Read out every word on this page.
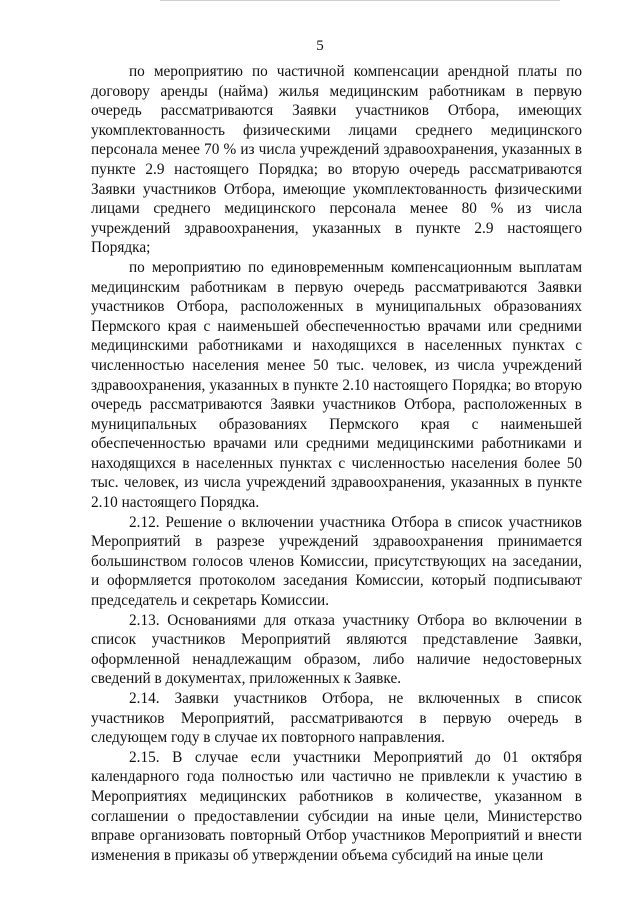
5

по мероприятию по частичной компенсации арендной платы по договору аренды (найма) жилья медицинским работникам в первую очередь рассматриваются Заявки участников Отбора, имеющих укомплектованность физическими лицами среднего медицинского персонала менее 70 % из числа учреждений здравоохранения, указанных в пункте 2.9 настоящего Порядка; во вторую очередь рассматриваются Заявки участников Отбора, имеющие укомплектованность физическими лицами среднего медицинского персонала менее 80 % из числа учреждений здравоохранения, указанных в пункте 2.9 настоящего Порядка;

по мероприятию по единовременным компенсационным выплатам медицинским работникам в первую очередь рассматриваются Заявки участников Отбора, расположенных в муниципальных образованиях Пермского края с наименьшей обеспеченностью врачами или средними медицинскими работниками и находящихся в населенных пунктах с численностью населения менее 50 тыс. человек, из числа учреждений здравоохранения, указанных в пункте 2.10 настоящего Порядка; во вторую очередь рассматриваются Заявки участников Отбора, расположенных в муниципальных образованиях Пермского края с наименьшей обеспеченностью врачами или средними медицинскими работниками и находящихся в населенных пунктах с численностью населения более 50 тыс. человек, из числа учреждений здравоохранения, указанных в пункте 2.10 настоящего Порядка.

2.12. Решение о включении участника Отбора в список участников Мероприятий в разрезе учреждений здравоохранения принимается большинством голосов членов Комиссии, присутствующих на заседании, и оформляется протоколом заседания Комиссии, который подписывают председатель и секретарь Комиссии.

2.13. Основаниями для отказа участнику Отбора во включении в список участников Мероприятий являются представление Заявки, оформленной ненадлежащим образом, либо наличие недостоверных сведений в документах, приложенных к Заявке.

2.14. Заявки участников Отбора, не включенных в список участников Мероприятий, рассматриваются в первую очередь в следующем году в случае их повторного направления.

2.15. В случае если участники Мероприятий до 01 октября календарного года полностью или частично не привлекли к участию в Мероприятиях медицинских работников в количестве, указанном в соглашении о предоставлении субсидии на иные цели, Министерство вправе организовать повторный Отбор участников Мероприятий и внести изменения в приказы об утверждении объема субсидий на иные цели
